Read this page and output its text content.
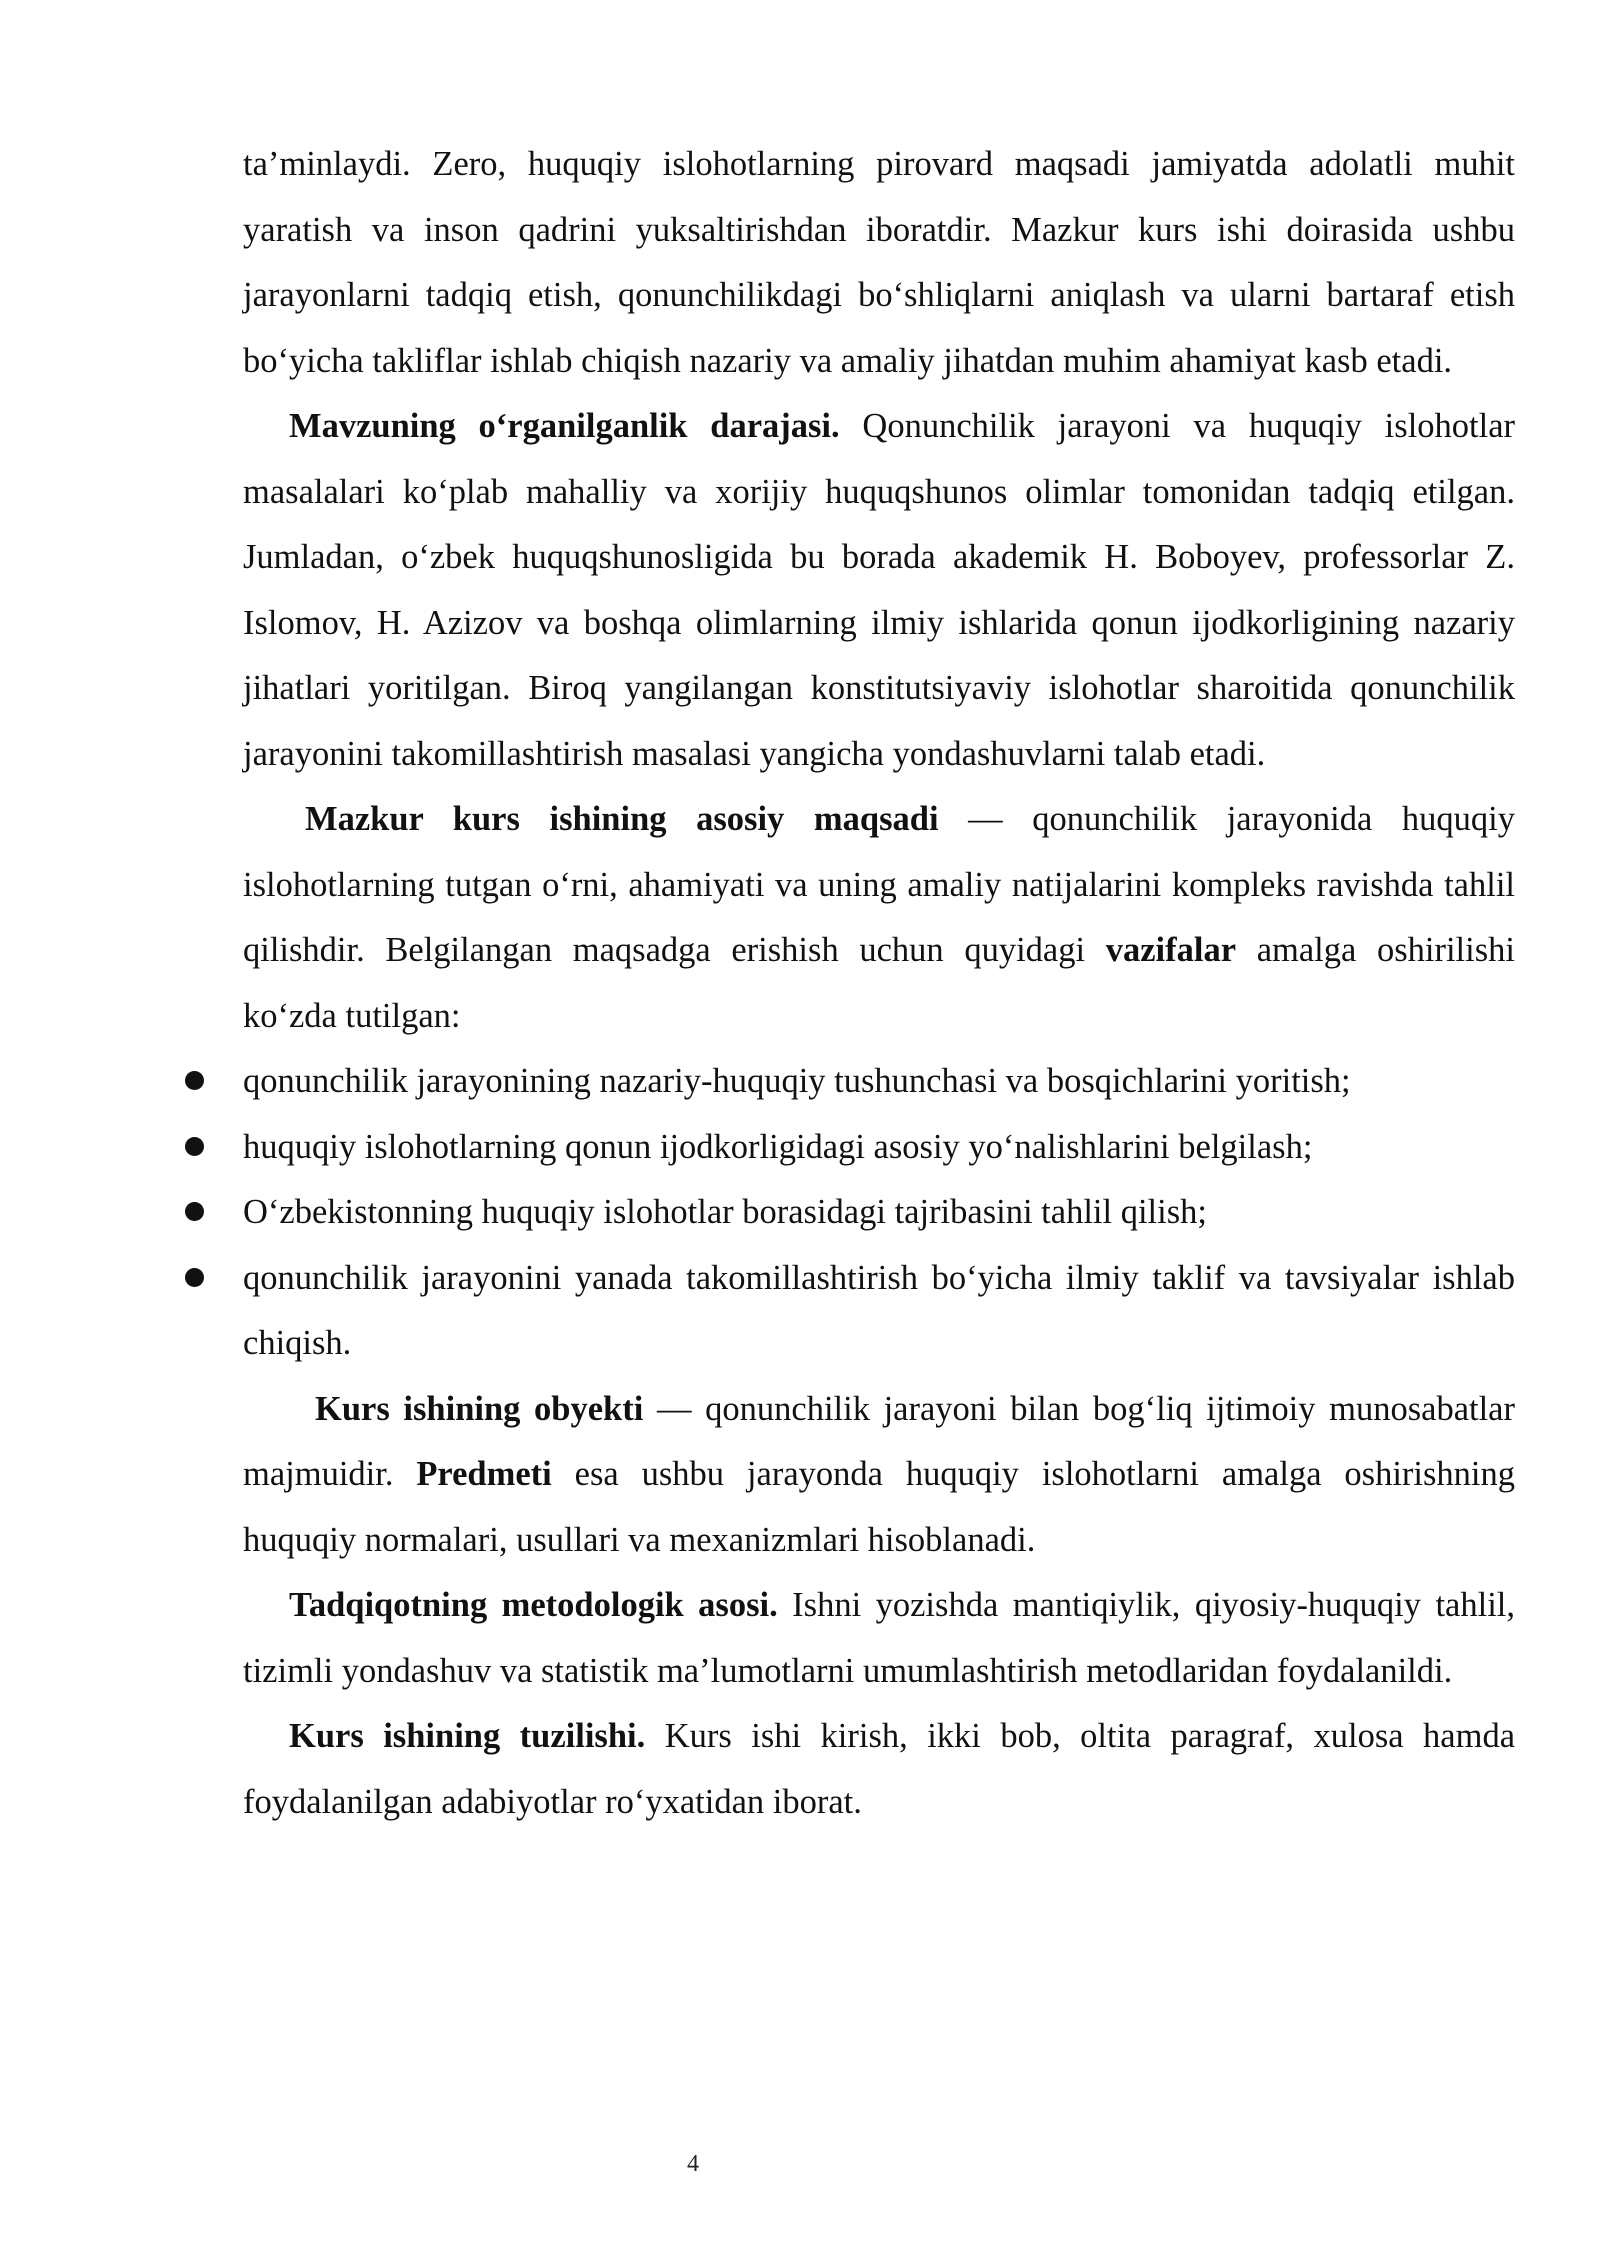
ta’minlaydi. Zero, huquqiy islohotlarning pirovard maqsadi jamiyatda adolatli muhit yaratish va inson qadrini yuksaltirishdan iboratdir. Mazkur kurs ishi doirasida ushbu jarayonlarni tadqiq etish, qonunchilikdagi bo‘shliqlarni aniqlash va ularni bartaraf etish bo‘yicha takliflar ishlab chiqish nazariy va amaliy jihatdan muhim ahamiyat kasb etadi.

Mavzuning o‘rganilganlik darajasi. Qonunchilik jarayoni va huquqiy islohotlar masalalari ko‘plab mahalliy va xorijiy huquqshunos olimlar tomonidan tadqiq etilgan. Jumladan, o‘zbek huquqshunosligida bu borada akademik H. Boboyev, professorlar Z. Islomov, H. Azizov va boshqa olimlarning ilmiy ishlarida qonun ijodkorligining nazariy jihatlari yoritilgan. Biroq yangilangan konstitutsiyaviy islohotlar sharoitida qonunchilik jarayonini takomillashtirish masalasi yangicha yondashuvlarni talab etadi.

Mazkur kurs ishining asosiy maqsadi — qonunchilik jarayonida huquqiy islohotlarning tutgan o‘rni, ahamiyati va uning amaliy natijalarini kompleks ravishda tahlil qilishdir. Belgilangan maqsadga erishish uchun quyidagi vazifalar amalga oshirilishi ko‘zda tutilgan:

qonunchilik jarayonining nazariy-huquqiy tushunchasi va bosqichlarini yoritish;
huquqiy islohotlarning qonun ijodkorligidagi asosiy yo‘nalishlarini belgilash;
O‘zbekistonning huquqiy islohotlar borasidagi tajribasini tahlil qilish;
qonunchilik jarayonini yanada takomillashtirish bo‘yicha ilmiy taklif va tavsiyalar ishlab chiqish.

Kurs ishining obyekti — qonunchilik jarayoni bilan bog‘liq ijtimoiy munosabatlar majmuidir. Predmeti esa ushbu jarayonda huquqiy islohotlarni amalga oshirishning huquqiy normalari, usullari va mexanizmlari hisoblanadi.

Tadqiqotning metodologik asosi. Ishni yozishda mantiqiylik, qiyosiy-huquqiy tahlil, tizimli yondashuv va statistik ma’lumotlarni umumlashtirish metodlaridan foydalanildi.

Kurs ishining tuzilishi. Kurs ishi kirish, ikki bob, oltita paragraf, xulosa hamda foydalanilgan adabiyotlar ro‘yxatidan iborat.

4
